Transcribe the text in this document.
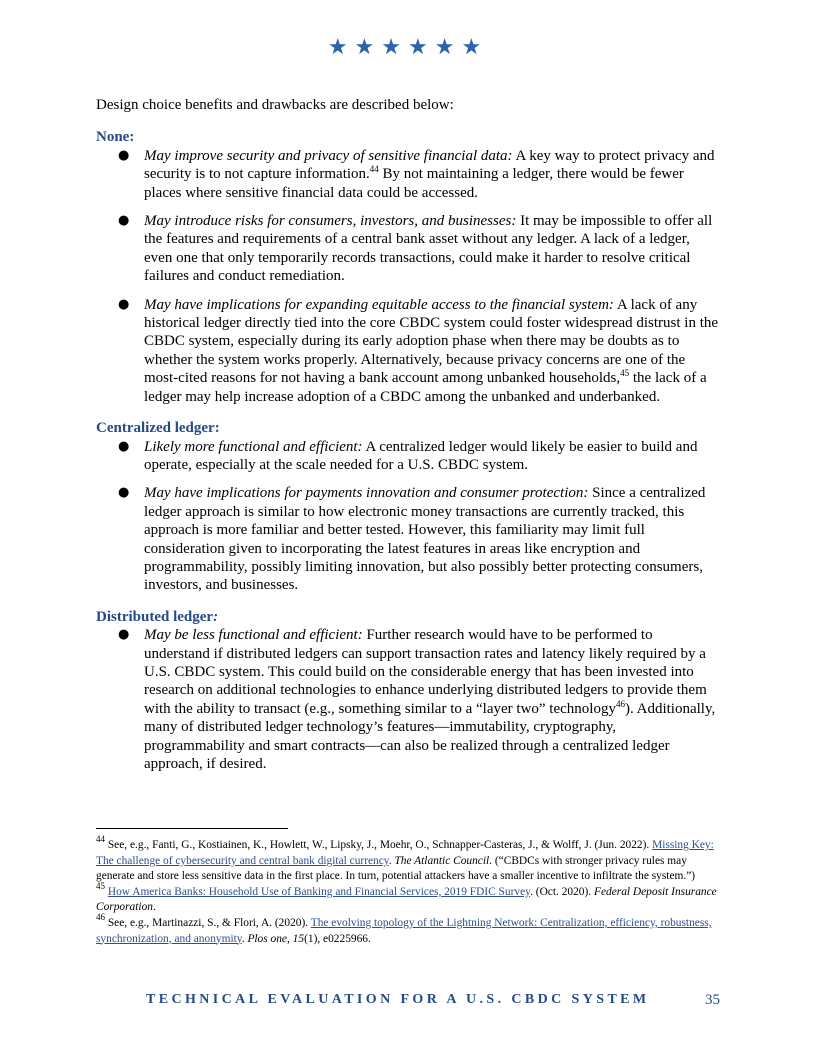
★★★★★★

Design choice benefits and drawbacks are described below:

None:

● May improve security and privacy of sensitive financial data: A key way to protect privacy and security is to not capture information.$^{44}$ By not maintaining a ledger, there would be fewer places where sensitive financial data could be accessed.
● May introduce risks for consumers, investors, and businesses: It may be impossible to offer all the features and requirements of a central bank asset without any ledger. A lack of a ledger, even one that only temporarily records transactions, could make it harder to resolve critical failures and conduct remediation.
● May have implications for expanding equitable access to the financial system: A lack of any historical ledger directly tied into the core CBDC system could foster widespread distrust in the CBDC system, especially during its early adoption phase when there may be doubts as to whether the system works properly. Alternatively, because privacy concerns are one of the most-cited reasons for not having a bank account among unbanked households,$^{45}$ the lack of a ledger may help increase adoption of a CBDC among the unbanked and underbanked.

Centralized ledger:

● Likely more functional and efficient: A centralized ledger would likely be easier to build and operate, especially at the scale needed for a U.S. CBDC system.
● May have implications for payments innovation and consumer protection: Since a centralized ledger approach is similar to how electronic money transactions are currently tracked, this approach is more familiar and better tested. However, this familiarity may limit full consideration given to incorporating the latest features in areas like encryption and programmability, possibly limiting innovation, but also possibly better protecting consumers, investors, and businesses.

Distributed ledger:

● May be less functional and efficient: Further research would have to be performed to understand if distributed ledgers can support transaction rates and latency likely required by a U.S. CBDC system. This could build on the considerable energy that has been invested into research on additional technologies to enhance underlying distributed ledgers to provide them with the ability to transact (e.g., something similar to a “layer two” technology$^{46}$). Additionally, many of distributed ledger technology’s features—immutability, cryptography, programmability and smart contracts—can also be realized through a centralized ledger approach, if desired.

$^{44}$ See, e.g., Fanti, G., Kostiainen, K., Howlett, W., Lipsky, J., Moehr, O., Schnapper-Casteras, J., & Wolff, J. (Jun. 2022). Missing Key: The challenge of cybersecurity and central bank digital currency. The Atlantic Council. (“CBDCs with stronger privacy rules may generate and store less sensitive data in the first place. In turn, potential attackers have a smaller incentive to infiltrate the system.”)

$^{45}$ How America Banks: Household Use of Banking and Financial Services, 2019 FDIC Survey. (Oct. 2020). Federal Deposit Insurance Corporation.

$^{46}$ See, e.g., Martinazzi, S., & Flori, A. (2020). The evolving topology of the Lightning Network: Centralization, efficiency, robustness, synchronization, and anonymity. Plos one, 15(1), e0225966.

TECHNICAL EVALUATION FOR A U.S. CBDC SYSTEM	35
